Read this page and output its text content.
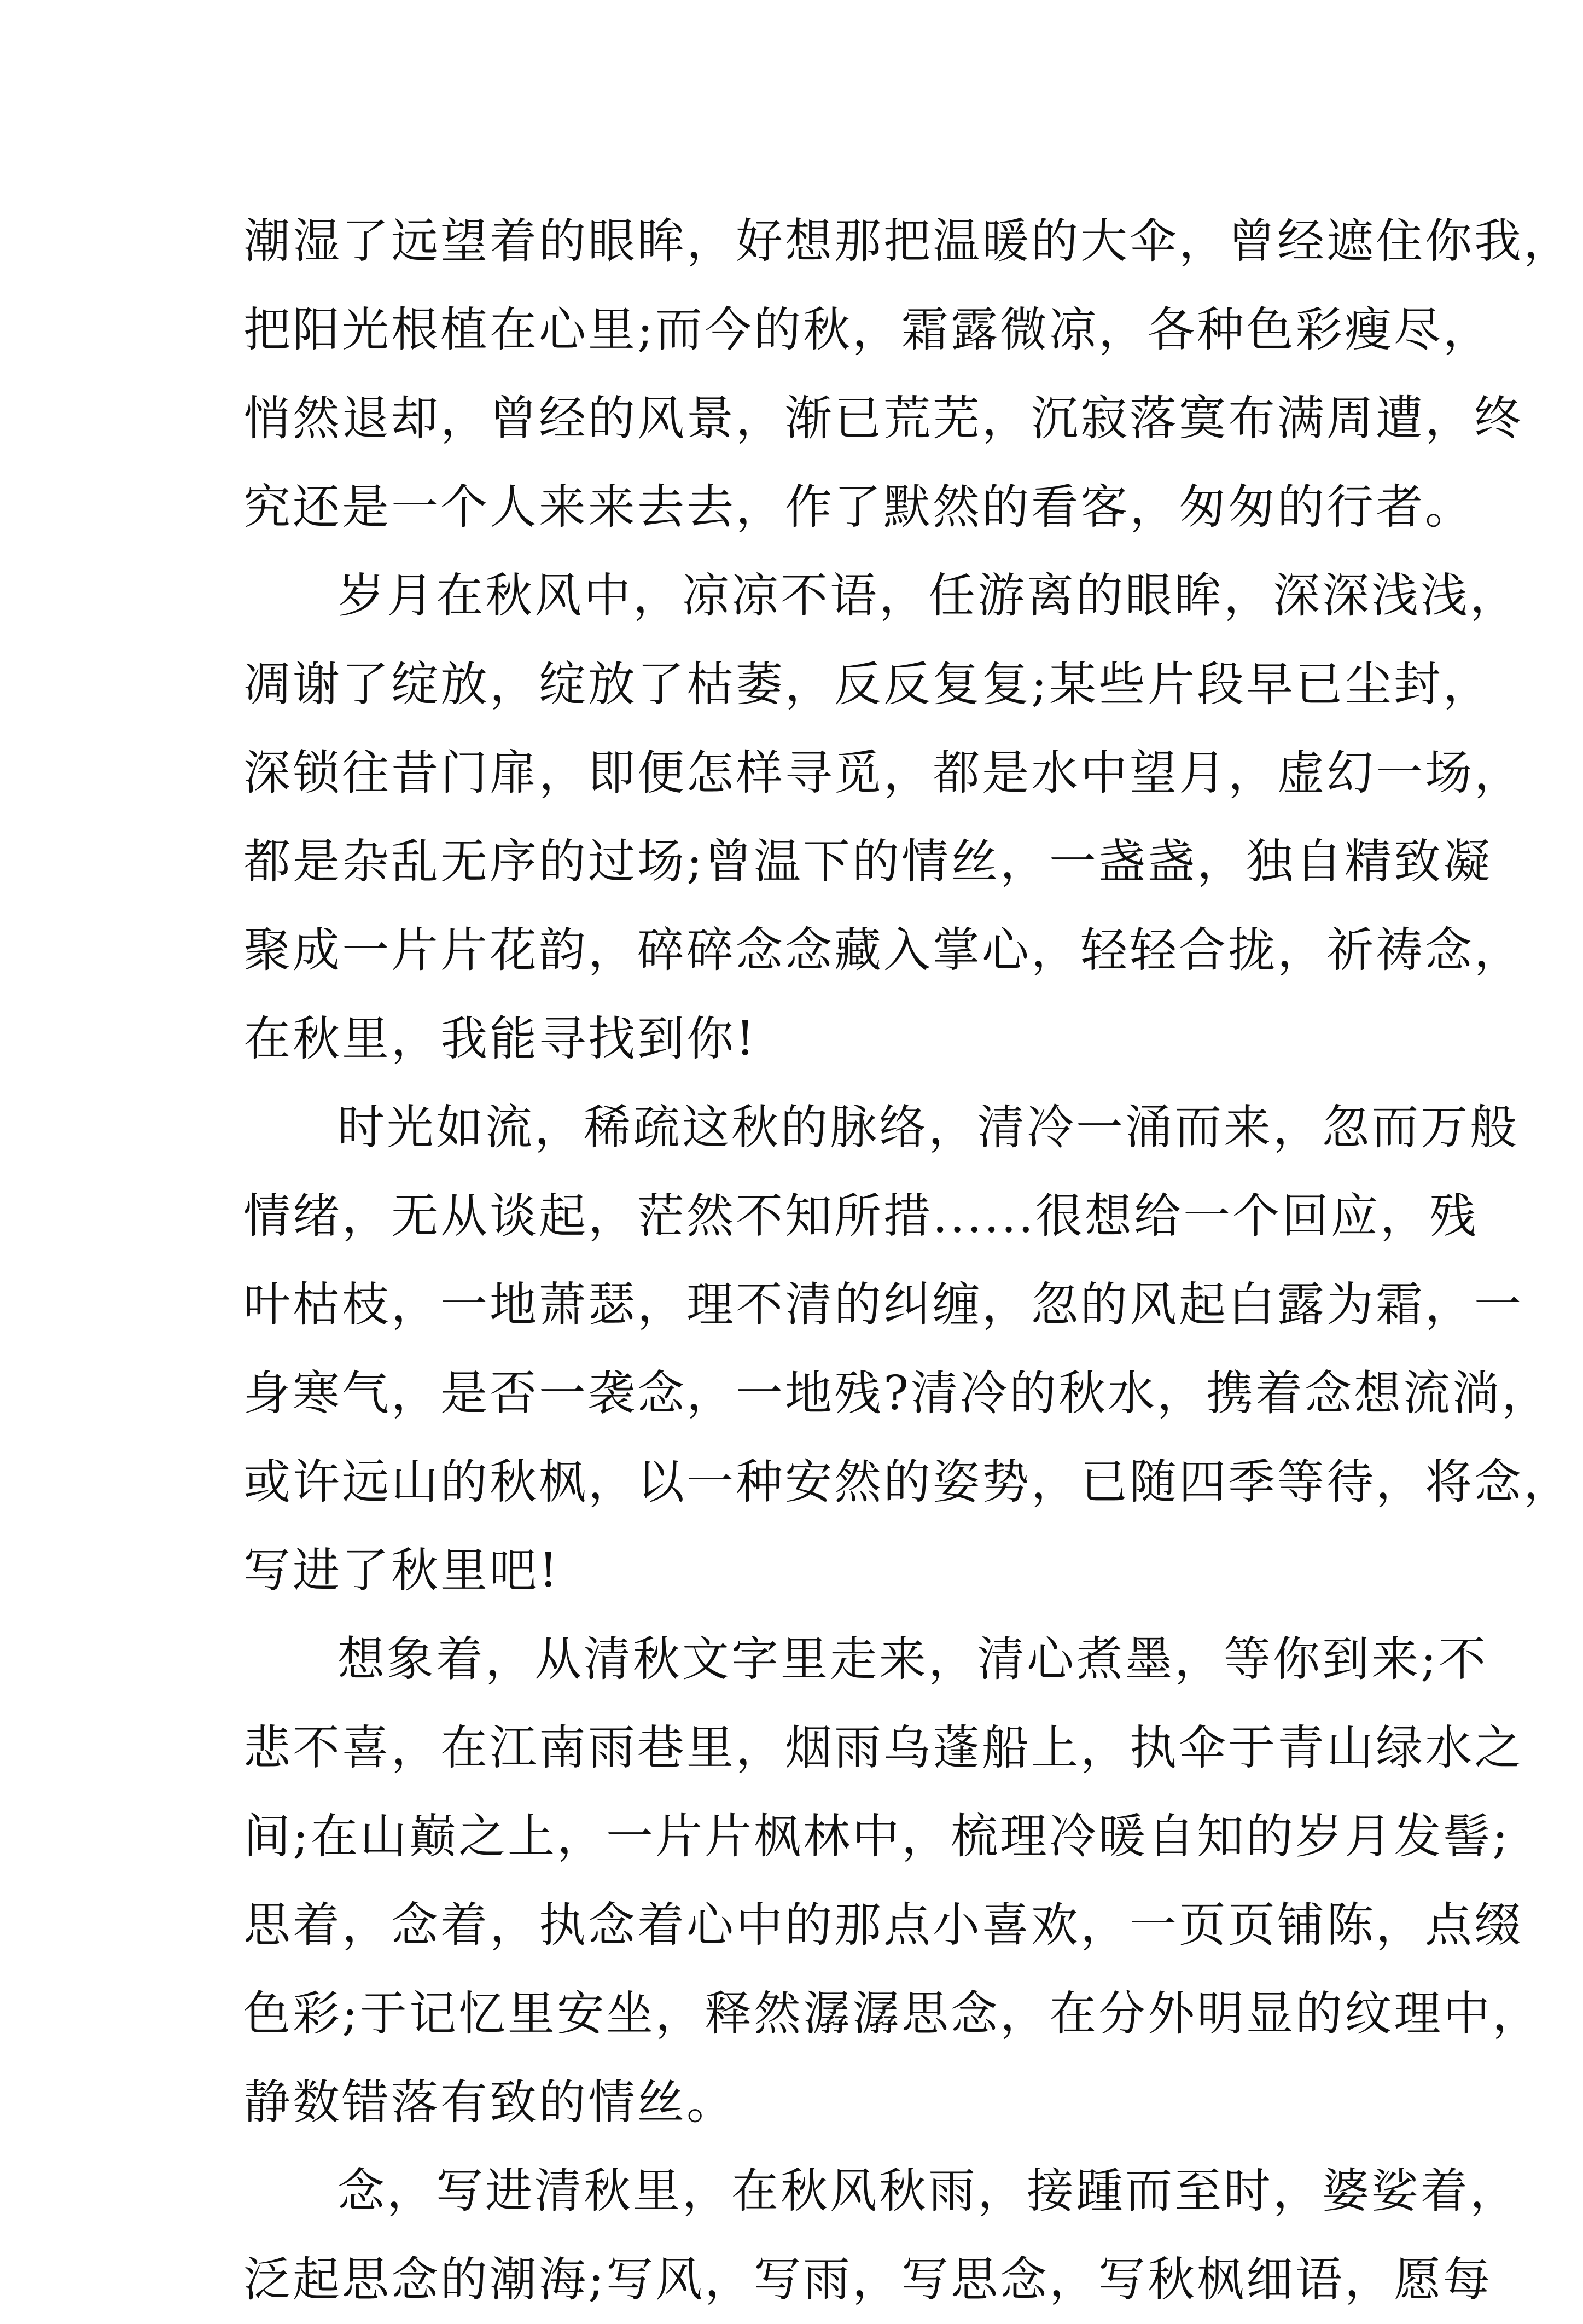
潮湿了远望着的眼眸，好想那把温暖的大伞，曾经遮住你我，
把阳光根植在心里;而今的秋，霜露微凉，各种色彩瘦尽，
悄然退却，曾经的风景，渐已荒芜，沉寂落寞布满周遭，终
究还是一个人来来去去，作了默然的看客，匆匆的行者。
岁月在秋风中，凉凉不语，任游离的眼眸，深深浅浅，
凋谢了绽放，绽放了枯萎，反反复复;某些片段早已尘封，
深锁往昔门扉，即便怎样寻觅，都是水中望月，虚幻一场，
都是杂乱无序的过场;曾温下的情丝，一盏盏，独自精致凝
聚成一片片花韵，碎碎念念藏入掌心，轻轻合拢，祈祷念，
在秋里，我能寻找到你!
时光如流，稀疏这秋的脉络，清冷一涌而来，忽而万般
情绪，无从谈起，茫然不知所措......很想给一个回应，残
叶枯枝，一地萧瑟，理不清的纠缠，忽的风起白露为霜，一
身寒气，是否一袭念，一地残?清冷的秋水，携着念想流淌，
或许远山的秋枫，以一种安然的姿势，已随四季等待，将念，
写进了秋里吧!
想象着，从清秋文字里走来，清心煮墨，等你到来;不
悲不喜，在江南雨巷里，烟雨乌蓬船上，执伞于青山绿水之
间;在山巅之上，一片片枫林中，梳理冷暖自知的岁月发髻;
思着，念着，执念着心中的那点小喜欢，一页页铺陈，点缀
色彩;于记忆里安坐，释然潺潺思念，在分外明显的纹理中，
静数错落有致的情丝。
念，写进清秋里，在秋风秋雨，接踵而至时，婆娑着，
泛起思念的潮海;写风，写雨，写思念，写秋枫细语，愿每
